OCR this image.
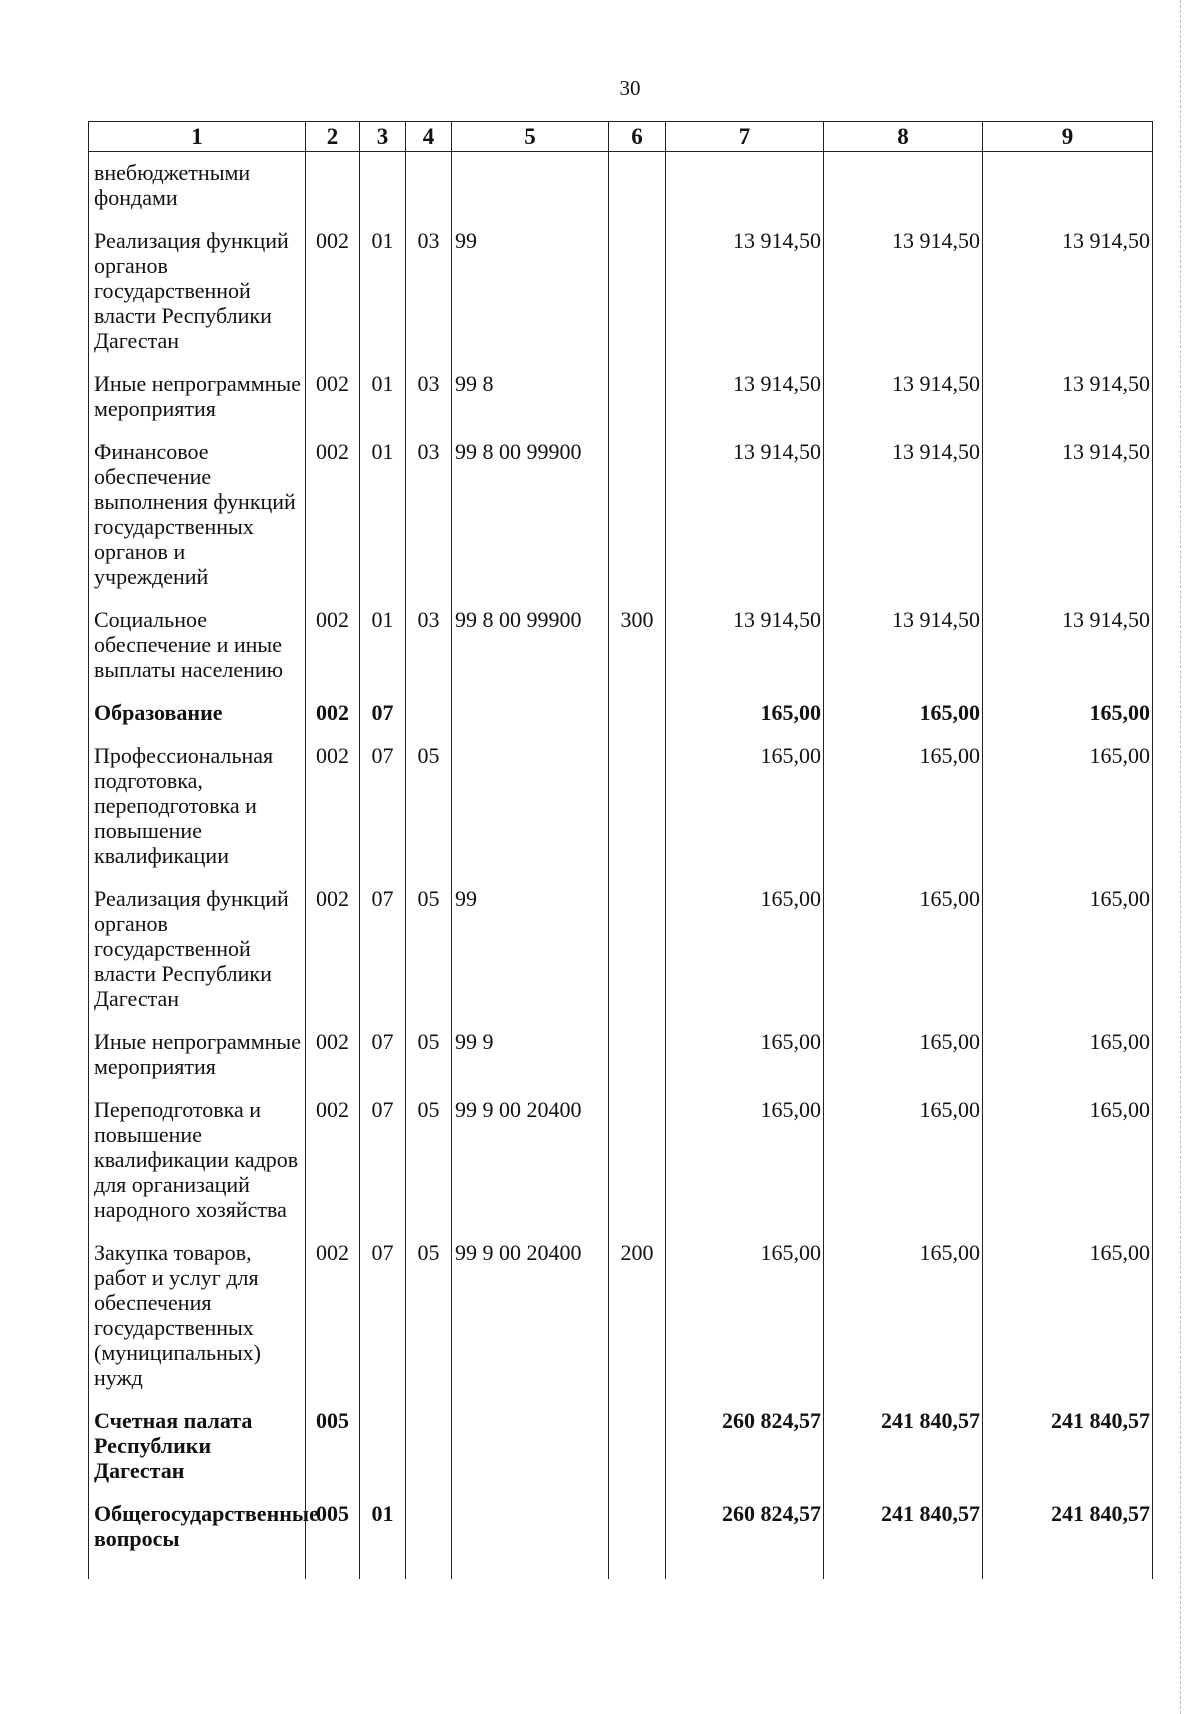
30
1	2	3	4	5	6	7	8	9
внебюджетными фондами								
Реализация функций органов государственной власти Республики Дагестан	002	01	03	99		13 914,50	13 914,50	13 914,50
Иные непрограммные мероприятия	002	01	03	99 8		13 914,50	13 914,50	13 914,50
Финансовое обеспечение выполнения функций государственных органов и учреждений	002	01	03	99 8 00 99900		13 914,50	13 914,50	13 914,50
Социальное обеспечение и иные выплаты населению	002	01	03	99 8 00 99900	300	13 914,50	13 914,50	13 914,50
Образование	002	07				165,00	165,00	165,00
Профессиональная подготовка, переподготовка и повышение квалификации	002	07	05			165,00	165,00	165,00
Реализация функций органов государственной власти Республики Дагестан	002	07	05	99		165,00	165,00	165,00
Иные непрограммные мероприятия	002	07	05	99 9		165,00	165,00	165,00
Переподготовка и повышение квалификации кадров для организаций народного хозяйства	002	07	05	99 9 00 20400		165,00	165,00	165,00
Закупка товаров, работ и услуг для обеспечения государственных (муниципальных) нужд	002	07	05	99 9 00 20400	200	165,00	165,00	165,00
Счетная палата Республики Дагестан	005					260 824,57	241 840,57	241 840,57
Общегосударственные вопросы	005	01				260 824,57	241 840,57	241 840,57
